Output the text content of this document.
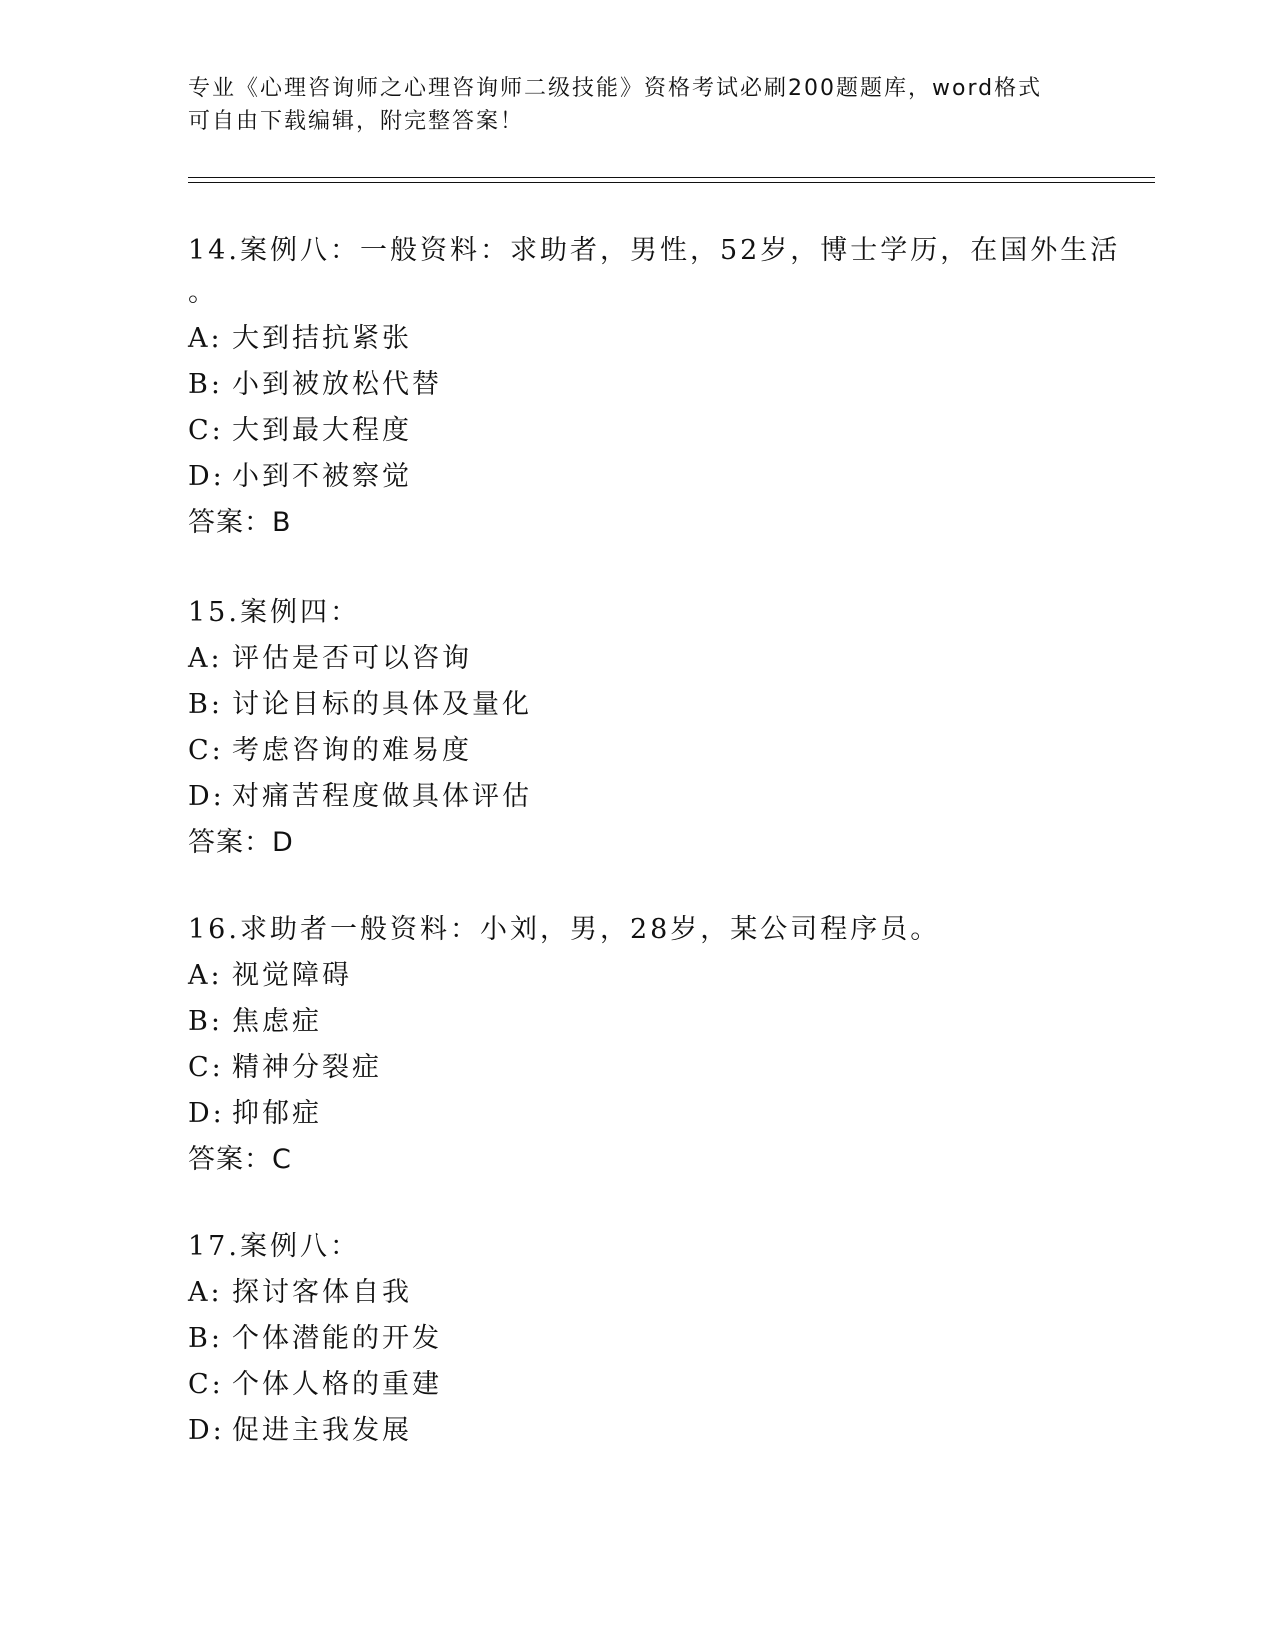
专业《心理咨询师之心理咨询师二级技能》资格考试必刷200题题库，word格式
可自由下载编辑，附完整答案！
14.案例八：一般资料：求助者，男性，52岁，博士学历，在国外生活
。
A: 大到拮抗紧张
B: 小到被放松代替
C: 大到最大程度
D: 小到不被察觉
答案：B
15.案例四：
A: 评估是否可以咨询
B: 讨论目标的具体及量化
C: 考虑咨询的难易度
D: 对痛苦程度做具体评估
答案：D
16.求助者一般资料：小刘，男，28岁，某公司程序员。
A: 视觉障碍
B: 焦虑症
C: 精神分裂症
D: 抑郁症
答案：C
17.案例八：
A: 探讨客体自我
B: 个体潜能的开发
C: 个体人格的重建
D: 促进主我发展
